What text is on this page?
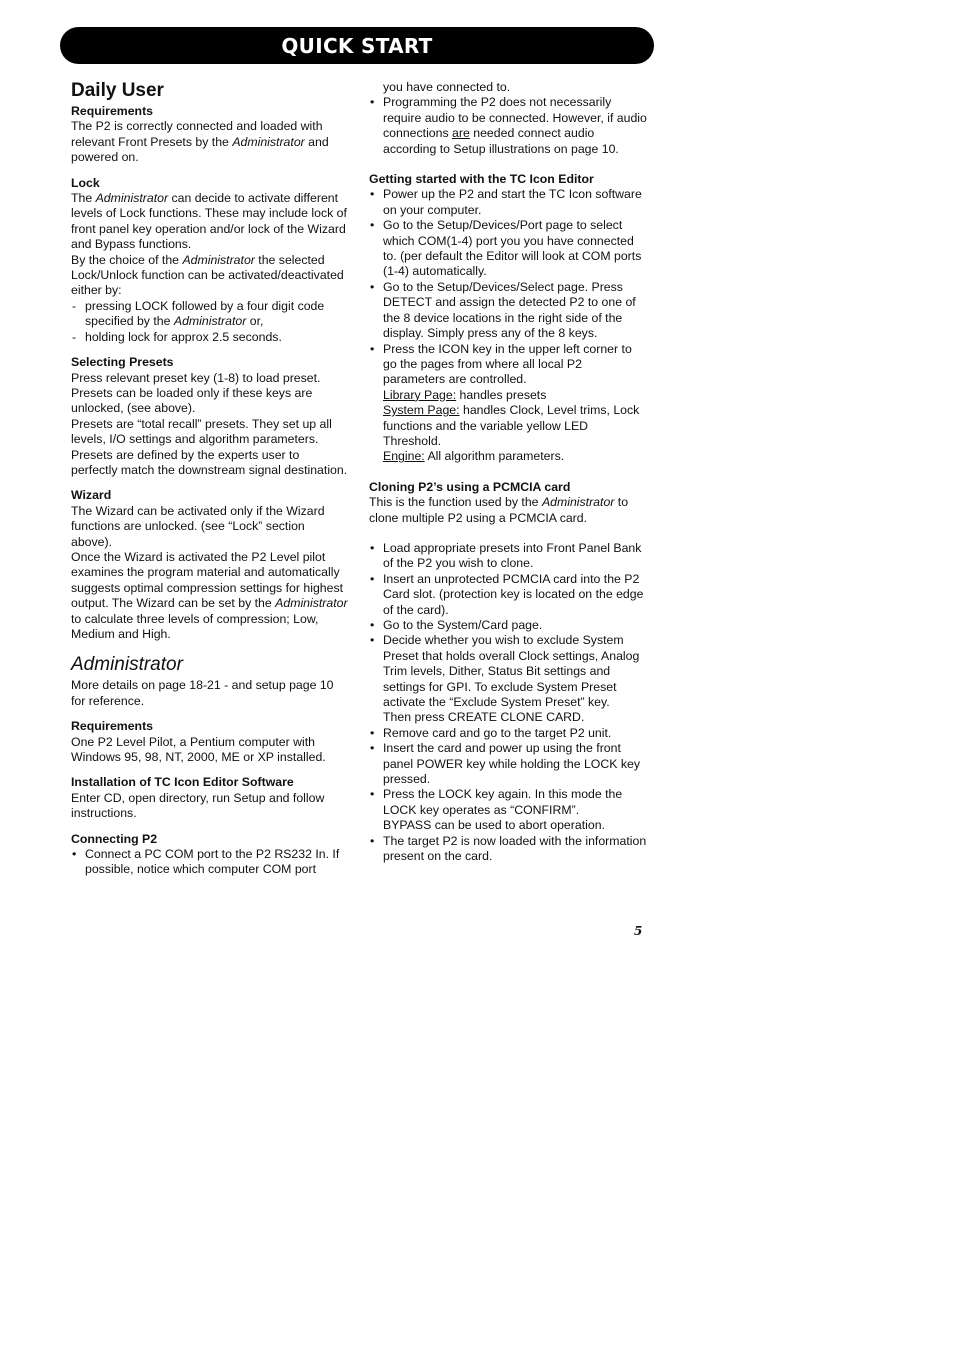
QUICK START
Daily User
Requirements

The P2 is correctly connected and loaded with relevant Front Presets by the Administrator and powered on.

Lock

The Administrator can decide to activate different levels of Lock functions. These may include lock of front panel key operation and/or lock of the Wizard and Bypass functions.

By the choice of the Administrator the selected Lock/Unlock function can be activated/deactivated either by:

- pressing LOCK followed by a four digit code specified by the Administrator or,
- holding lock for approx 2.5 seconds.
Selecting Presets

Press relevant preset key (1-8) to load preset. Presets can be loaded only if these keys are unlocked, (see above).

Presets are “total recall” presets. They set up all levels, I/O settings and algorithm parameters. Presets are defined by the experts user to perfectly match the downstream signal destination.

Wizard

The Wizard can be activated only if the Wizard functions are unlocked. (see “Lock” section above).

Once the Wizard is activated the P2 Level pilot examines the program material and automatically suggests optimal compression settings for highest output. The Wizard can be set by the Administrator to calculate three levels of compression; Low, Medium and High.

Administrator

More details on page 18-21 - and setup page 10 for reference.

Requirements

One P2 Level Pilot, a Pentium computer with Windows 95, 98, NT, 2000, ME or XP installed.

Installation of TC Icon Editor Software

Enter CD, open directory, run Setup and follow instructions.

Connecting P2
• Connect a PC COM port to the P2 RS232 In. If possible, notice which computer COM port
you have connected to.
• Programming the P2 does not necessarily require audio to be connected. However, if audio connections are needed connect audio according to Setup illustrations on page 10.
Getting started with the TC Icon Editor
• Power up the P2 and start the TC Icon software on your computer.
• Go to the Setup/Devices/Port page to select which COM(1-4) port you you have connected to. (per default the Editor will look at COM ports (1-4) automatically.
• Go to the Setup/Devices/Select page. Press DETECT and assign the detected P2 to one of the 8 device locations in the right side of the display. Simply press any of the 8 keys.
• Press the ICON key in the upper left corner to go the pages from where all local P2 parameters are controlled.
Library Page: handles presets
System Page: handles Clock, Level trims, Lock functions and the variable yellow LED Threshold.
Engine: All algorithm parameters.
Cloning P2’s using a PCMCIA card

This is the function used by the Administrator to clone multiple P2 using a PCMCIA card.

• Load appropriate presets into Front Panel Bank of the P2 you wish to clone.
• Insert an unprotected PCMCIA card into the P2 Card slot. (protection key is located on the edge of the card).
• Go to the System/Card page.
• Decide whether you wish to exclude System Preset that holds overall Clock settings, Analog Trim levels, Dither, Status Bit settings and settings for GPI. To exclude System Preset activate the “Exclude System Preset” key.
Then press CREATE CLONE CARD.
• Remove card and go to the target P2 unit.
• Insert the card and power up using the front panel POWER key while holding the LOCK key pressed.
• Press the LOCK key again. In this mode the LOCK key operates as “CONFIRM”.
BYPASS can be used to abort operation.
• The target P2 is now loaded with the information present on the card.
5
